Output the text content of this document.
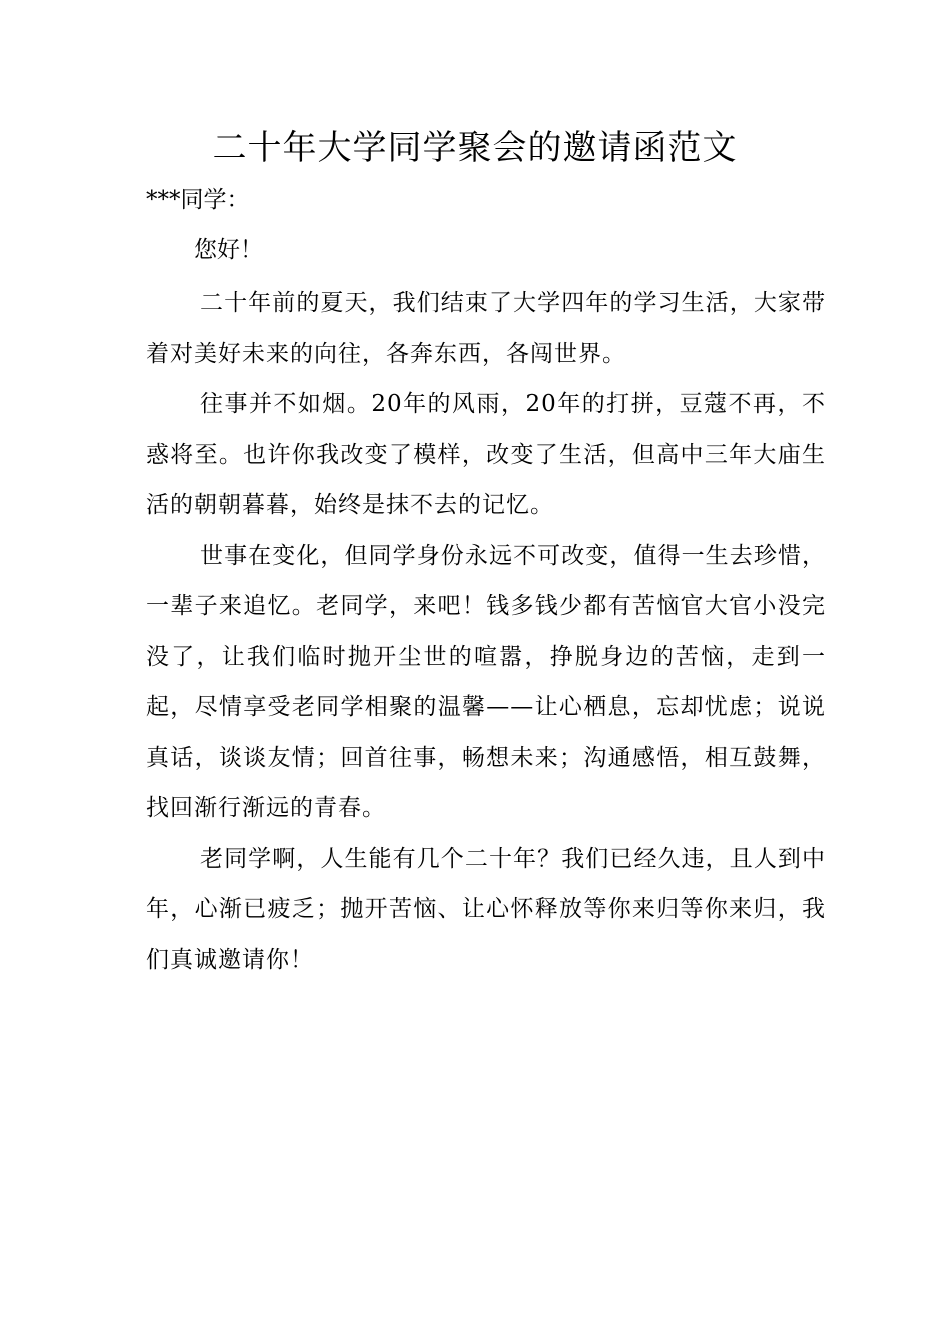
二十年大学同学聚会的邀请函范文

***同学：

您好！

二十年前的夏天，我们结束了大学四年的学习生活，大家带着对美好未来的向往，各奔东西，各闯世界。

往事并不如烟。20年的风雨，20年的打拼，豆蔻不再，不惑将至。也许你我改变了模样，改变了生活，但高中三年大庙生活的朝朝暮暮，始终是抹不去的记忆。

世事在变化，但同学身份永远不可改变，值得一生去珍惜，一辈子来追忆。老同学，来吧！钱多钱少都有苦恼官大官小没完没了，让我们临时抛开尘世的喧嚣，挣脱身边的苦恼，走到一起，尽情享受老同学相聚的温馨——让心栖息，忘却忧虑；说说真话，谈谈友情；回首往事，畅想未来；沟通感悟，相互鼓舞，找回渐行渐远的青春。

老同学啊，人生能有几个二十年？我们已经久违，且人到中年，心渐已疲乏；抛开苦恼、让心怀释放等你来归等你来归，我们真诚邀请你！
